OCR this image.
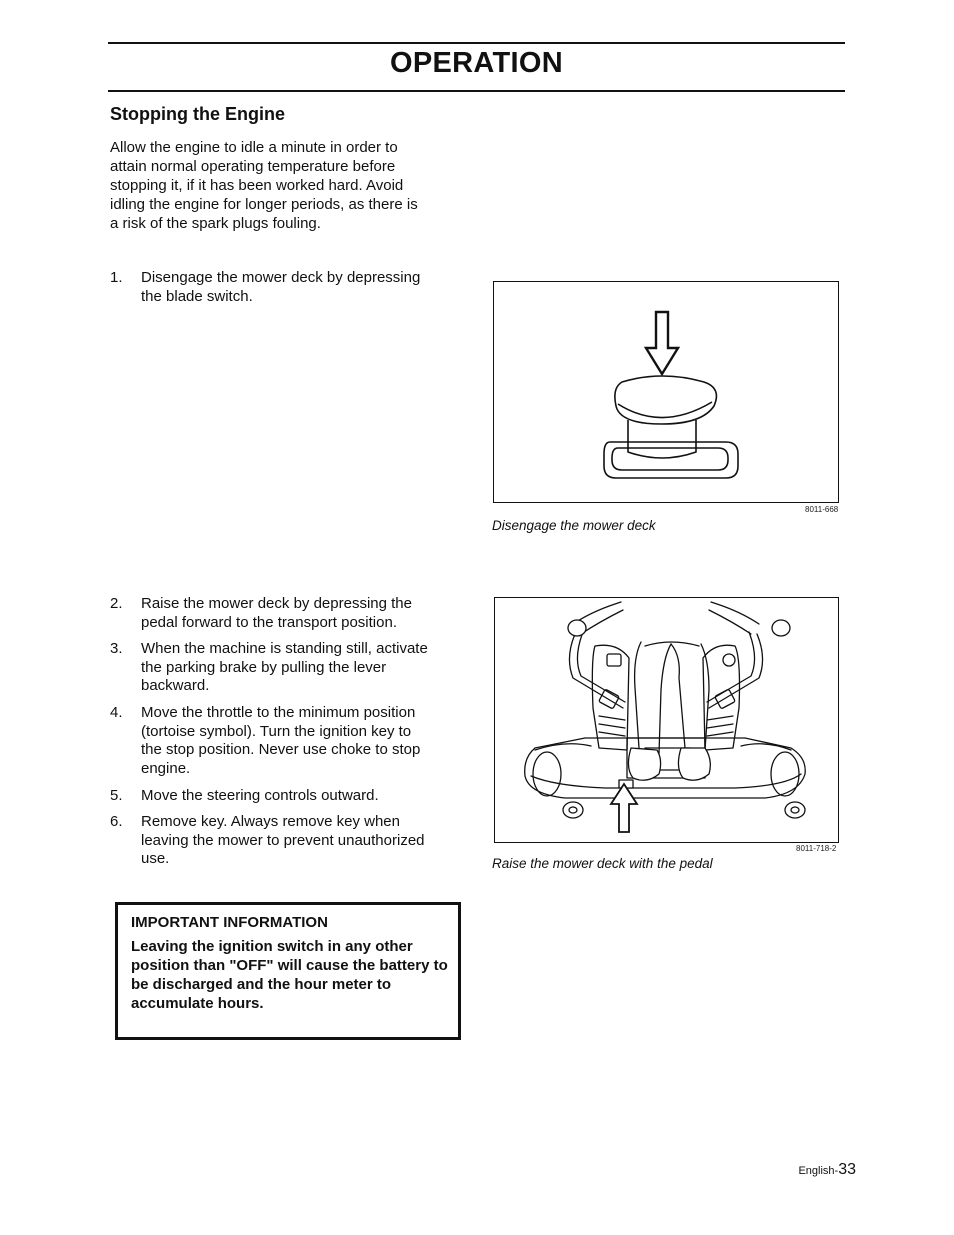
OPERATION
Stopping the Engine
Allow the engine to idle a minute in order to attain normal operating temperature before stopping it, if it has been worked hard. Avoid idling the engine for longer periods, as there is a risk of the spark plugs fouling.
1.	Disengage the mower deck by depressing the blade switch.
2.	Raise the mower deck by depressing the pedal forward to the transport position.
3.	When the machine is standing still, activate the parking brake by pulling the lever backward.
4.	Move the throttle to the minimum position (tortoise symbol). Turn the ignition key to the stop position. Never use choke to stop engine.
5.	Move the steering controls outward.
6.	Remove key. Always remove key when leaving the mower to prevent unauthorized use.
8011-668
Disengage the mower deck
8011-718-2
Raise the mower deck with the pedal
IMPORTANT INFORMATION
Leaving the ignition switch in any other position than "OFF" will cause the battery to be discharged and the hour meter to accumulate hours.
English-33
